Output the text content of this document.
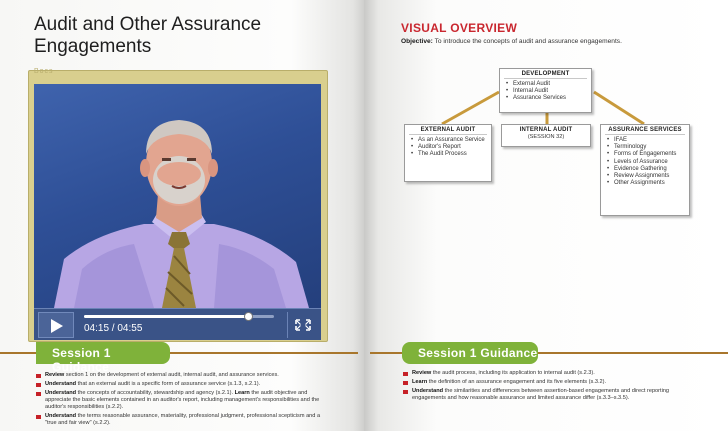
Audit and Other Assurance Engagements
Bocs
04:15 / 04:55
Session 1 Guidance
Review section 1 on the development of external audit, internal audit, and assurance services.
Understand that an external audit is a specific form of assurance service (s.1.3, s.2.1).
Understand the concepts of accountability, stewardship and agency (s.2.1). Learn the audit objective and appreciate the basic elements contained in an auditor's report, including management's responsibilities and the auditor's responsibilities (s.2.2).
Understand the terms reasonable assurance, materiality, professional judgment, professional scepticism and a "true and fair view" (s.2.2).
VISUAL OVERVIEW
Objective: To introduce the concepts of audit and assurance engagements.
DEVELOPMENT
• External Audit
• Internal Audit
• Assurance Services
EXTERNAL AUDIT
• As an Assurance Service
• Auditor's Report
• The Audit Process
INTERNAL AUDIT
(SESSION 32)
ASSURANCE SERVICES
• IFAE
• Terminology
• Forms of Engagements
• Levels of Assurance
• Evidence Gathering
• Review Assignments
• Other Assignments
Session 1 Guidance
Review the audit process, including its application to internal audit (s.2.3).
Learn the definition of an assurance engagement and its five elements (s.3.2).
Understand the similarities and differences between assertion-based engagements and direct reporting engagements and how reasonable assurance and limited assurance differ (s.3.3–s.3.5).
